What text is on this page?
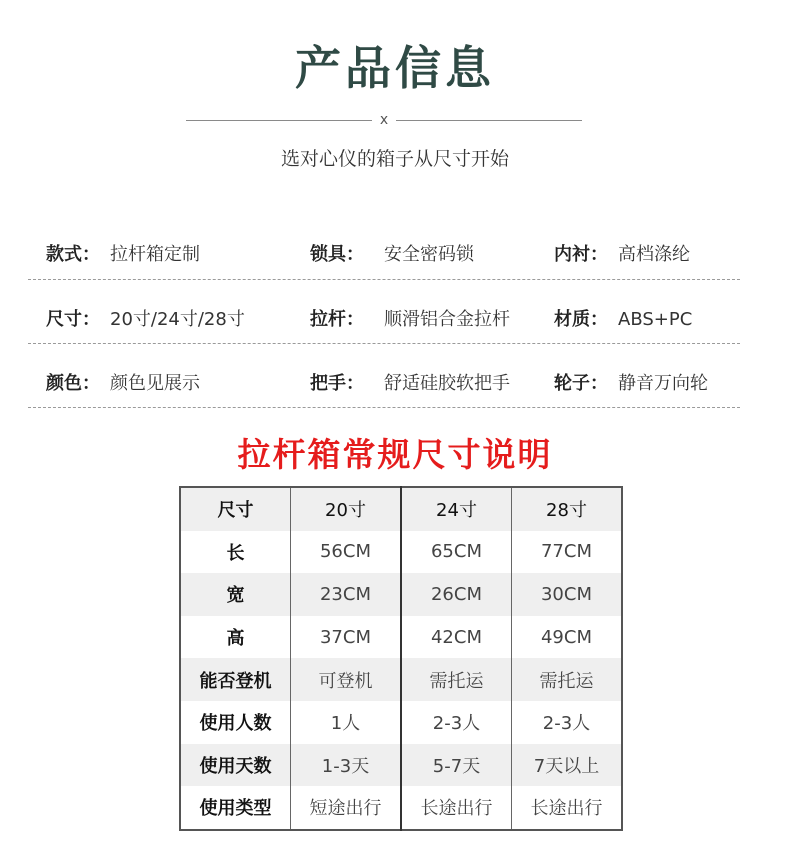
产品信息
x
选对心仪的箱子从尺寸开始
款式： 拉杆箱定制	锁具： 安全密码锁	内衬： 高档涤纶
尺寸： 20寸/24寸/28寸	拉杆： 顺滑铝合金拉杆 材质： ABS+PC
颜色： 颜色见展示	把手： 舒适硅胶软把手 轮子： 静音万向轮
拉杆箱常规尺寸说明
尺寸	20寸	24寸	28寸
长	56CM	65CM	77CM
宽	23CM	26CM	30CM
高	37CM	42CM	49CM
能否登机	可登机	需托运	需托运
使用人数	1人	2-3人	2-3人
使用天数	1-3天	5-7天	7天以上
使用类型	短途出行	长途出行	长途出行
